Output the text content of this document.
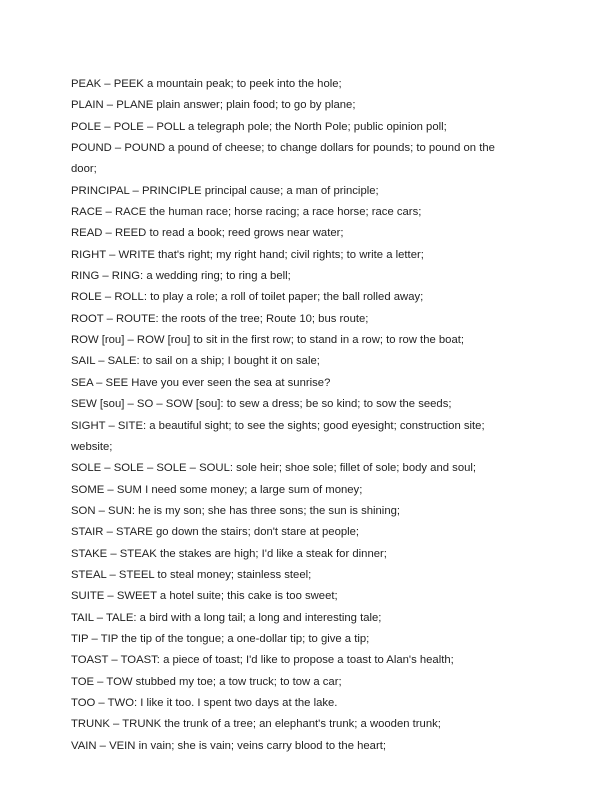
PEAK – PEEK a mountain peak; to peek into the hole;
PLAIN – PLANE plain answer; plain food; to go by plane;
POLE – POLE – POLL a telegraph pole; the North Pole; public opinion poll;
POUND – POUND a pound of cheese; to change dollars for pounds; to pound on the
door;
PRINCIPAL – PRINCIPLE principal cause; a man of principle;
RACE – RACE the human race; horse racing; a race horse; race cars;
READ – REED to read a book; reed grows near water;
RIGHT – WRITE that's right; my right hand; civil rights; to write a letter;
RING – RING: a wedding ring; to ring a bell;
ROLE – ROLL: to play a role; a roll of toilet paper; the ball rolled away;
ROOT – ROUTE: the roots of the tree; Route 10; bus route;
ROW [rou] – ROW [rou] to sit in the first row; to stand in a row; to row the boat;
SAIL – SALE: to sail on a ship; I bought it on sale;
SEA – SEE Have you ever seen the sea at sunrise?
SEW [sou] – SO – SOW [sou]: to sew a dress; be so kind; to sow the seeds;
SIGHT – SITE: a beautiful sight; to see the sights; good eyesight; construction site;
website;
SOLE – SOLE – SOLE – SOUL: sole heir; shoe sole; fillet of sole; body and soul;
SOME – SUM I need some money; a large sum of money;
SON – SUN: he is my son; she has three sons; the sun is shining;
STAIR – STARE go down the stairs; don't stare at people;
STAKE – STEAK the stakes are high; I'd like a steak for dinner;
STEAL – STEEL to steal money; stainless steel;
SUITE – SWEET a hotel suite; this cake is too sweet;
TAIL – TALE: a bird with a long tail; a long and interesting tale;
TIP – TIP the tip of the tongue; a one-dollar tip; to give a tip;
TOAST – TOAST: a piece of toast; I'd like to propose a toast to Alan's health;
TOE – TOW stubbed my toe; a tow truck; to tow a car;
TOO – TWO: I like it too. I spent two days at the lake.
TRUNK – TRUNK the trunk of a tree; an elephant's trunk; a wooden trunk;
VAIN – VEIN in vain; she is vain; veins carry blood to the heart;
